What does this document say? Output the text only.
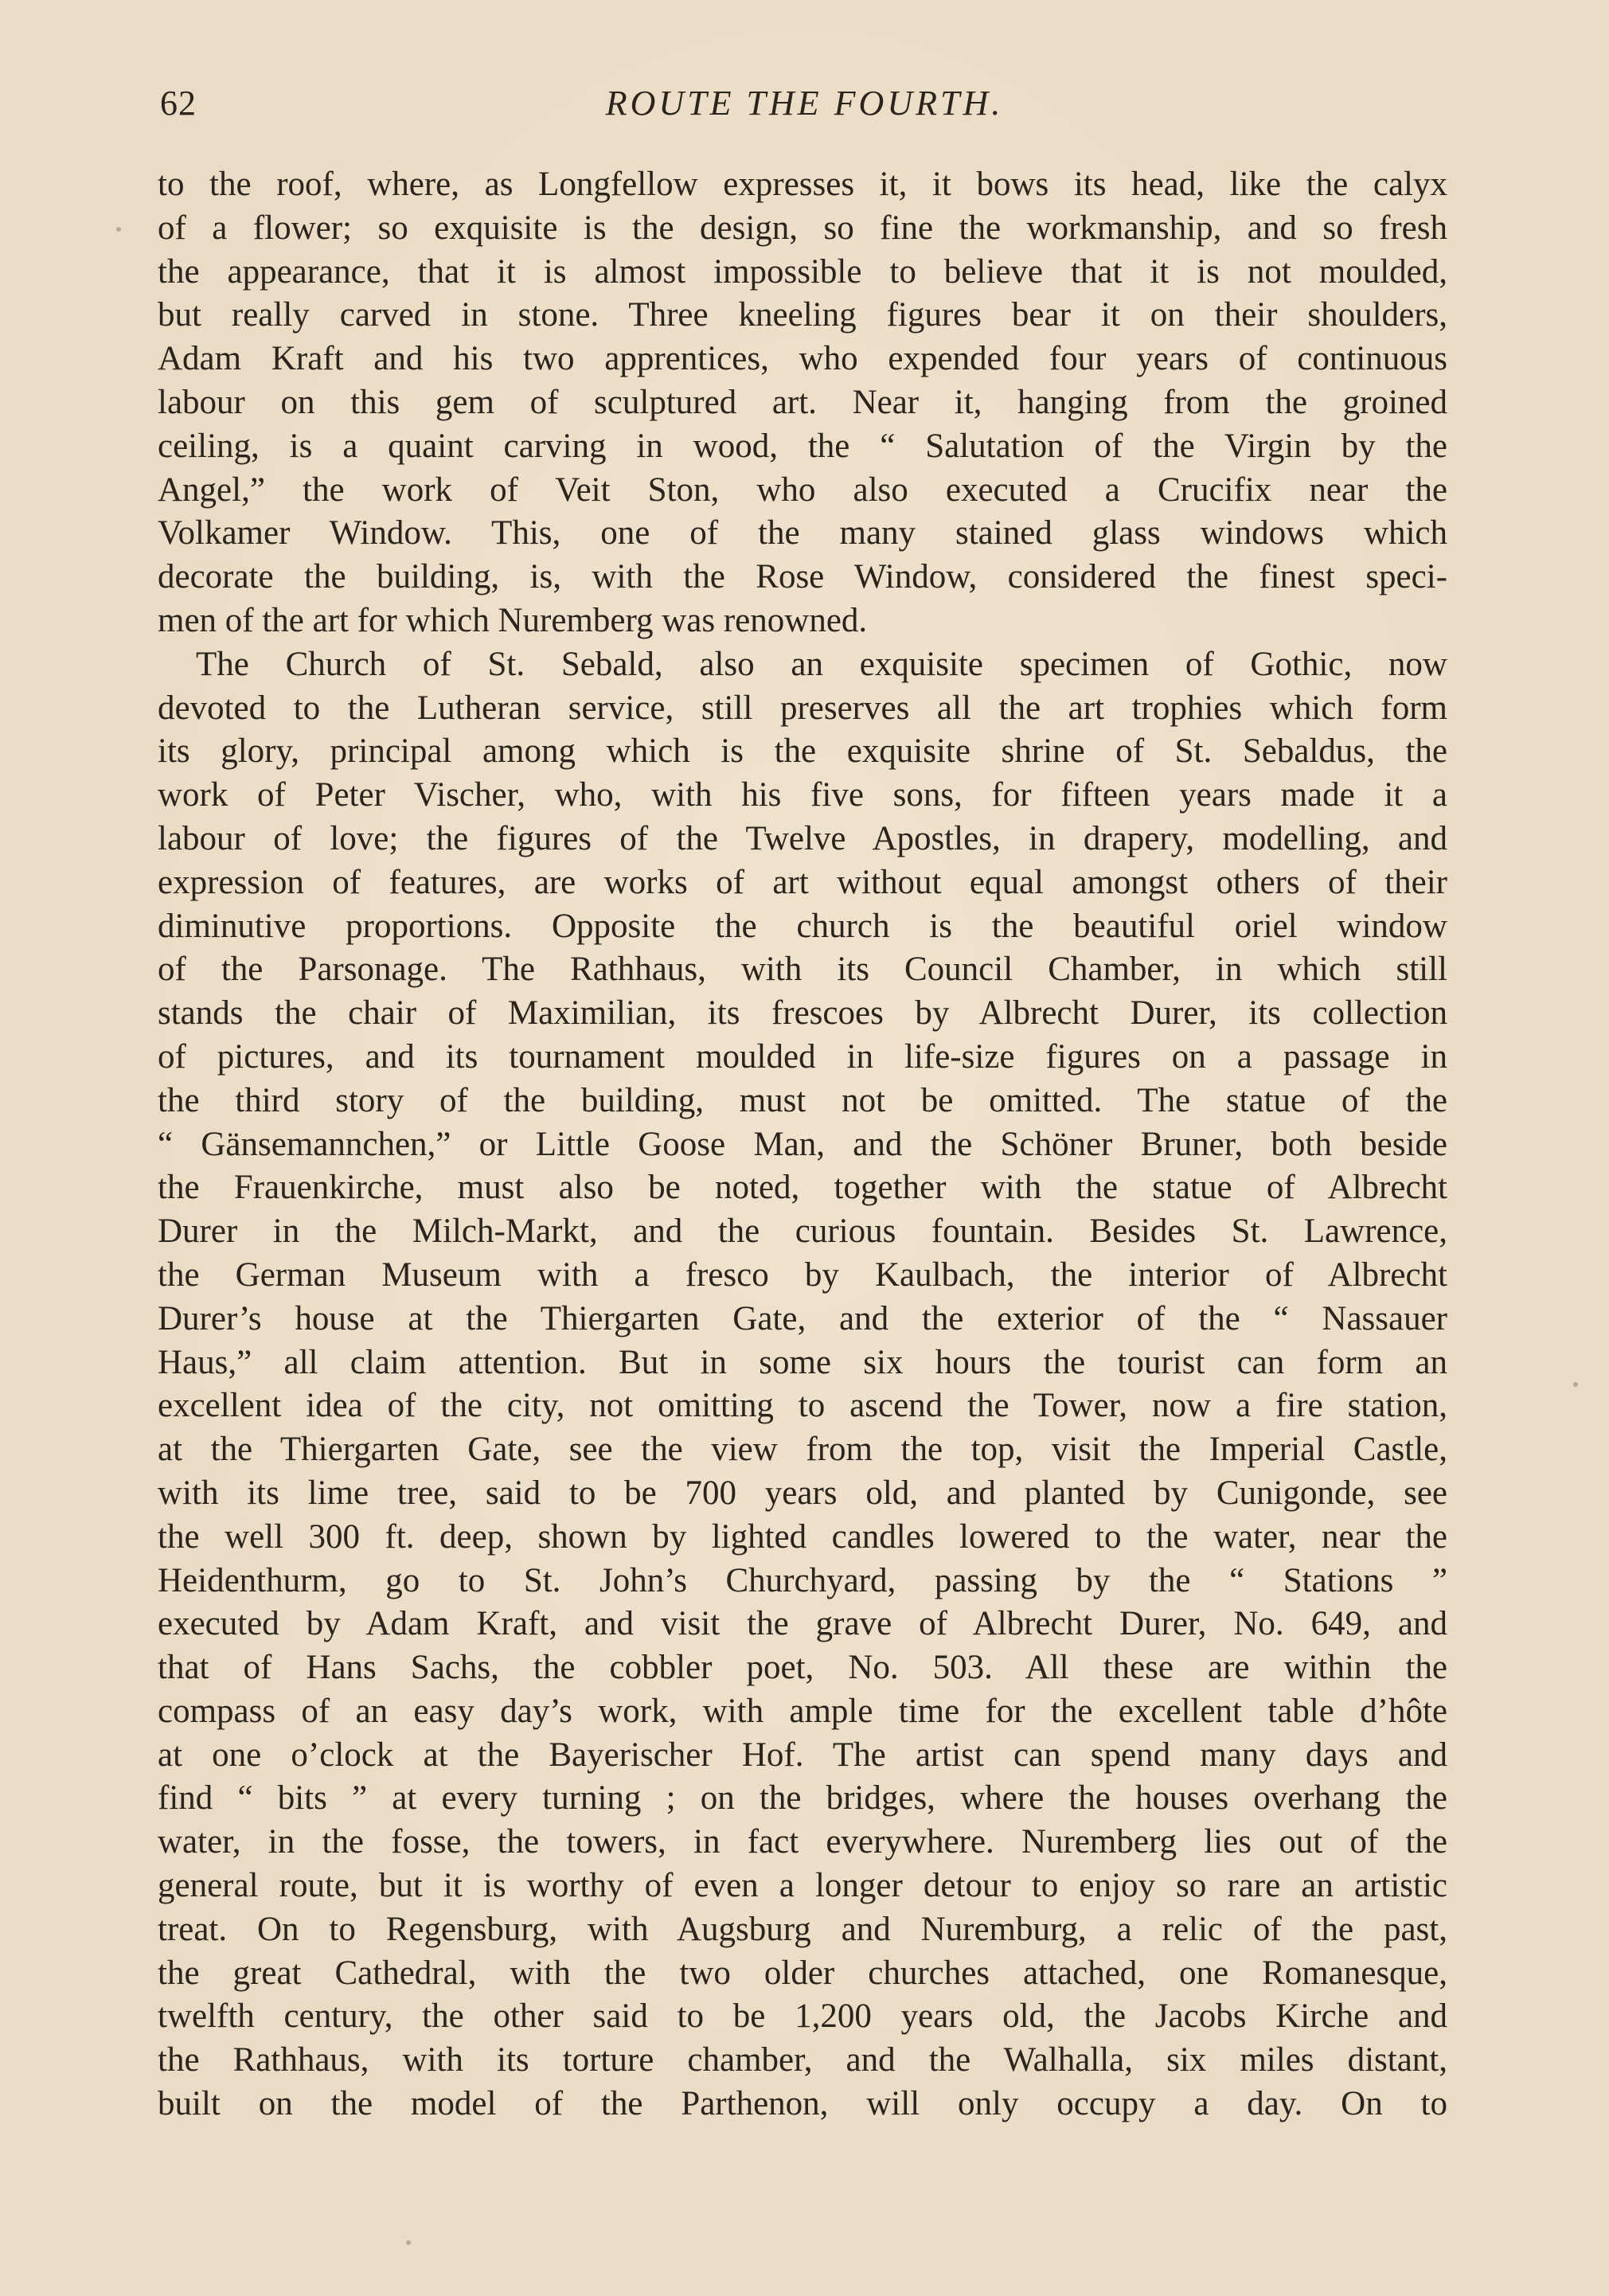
62	ROUTE THE FOURTH.
to the roof, where, as Longfellow expresses it, it bows its head, like the calyx
of a flower; so exquisite is the design, so fine the workmanship, and so fresh
the appearance, that it is almost impossible to believe that it is not moulded,
but really carved in stone. Three kneeling figures bear it on their shoulders,
Adam Kraft and his two apprentices, who expended four years of continuous
labour on this gem of sculptured art. Near it, hanging from the groined
ceiling, is a quaint carving in wood, the “ Salutation of the Virgin by the
Angel,” the work of Veit Ston, who also executed a Crucifix near the
Volkamer Window. This, one of the many stained glass windows which
decorate the building, is, with the Rose Window, considered the finest speci-
men of the art for which Nuremberg was renowned.
The Church of St. Sebald, also an exquisite specimen of Gothic, now
devoted to the Lutheran service, still preserves all the art trophies which form
its glory, principal among which is the exquisite shrine of St. Sebaldus, the
work of Peter Vischer, who, with his five sons, for fifteen years made it a
labour of love; the figures of the Twelve Apostles, in drapery, modelling, and
expression of features, are works of art without equal amongst others of their
diminutive proportions. Opposite the church is the beautiful oriel window
of the Parsonage. The Rathhaus, with its Council Chamber, in which still
stands the chair of Maximilian, its frescoes by Albrecht Durer, its collection
of pictures, and its tournament moulded in life-size figures on a passage in
the third story of the building, must not be omitted. The statue of the
“ Gänsemannchen,” or Little Goose Man, and the Schöner Bruner, both beside
the Frauenkirche, must also be noted, together with the statue of Albrecht
Durer in the Milch-Markt, and the curious fountain. Besides St. Lawrence,
the German Museum with a fresco by Kaulbach, the interior of Albrecht
Durer’s house at the Thiergarten Gate, and the exterior of the “ Nassauer
Haus,” all claim attention. But in some six hours the tourist can form an
excellent idea of the city, not omitting to ascend the Tower, now a fire station,
at the Thiergarten Gate, see the view from the top, visit the Imperial Castle,
with its lime tree, said to be 700 years old, and planted by Cunigonde, see
the well 300 ft. deep, shown by lighted candles lowered to the water, near the
Heidenthurm, go to St. John’s Churchyard, passing by the “ Stations ”
executed by Adam Kraft, and visit the grave of Albrecht Durer, No. 649, and
that of Hans Sachs, the cobbler poet, No. 503. All these are within the
compass of an easy day’s work, with ample time for the excellent table d’hôte
at one o’clock at the Bayerischer Hof. The artist can spend many days and
find “ bits ” at every turning ; on the bridges, where the houses overhang the
water, in the fosse, the towers, in fact everywhere. Nuremberg lies out of the
general route, but it is worthy of even a longer detour to enjoy so rare an artistic
treat. On to Regensburg, with Augsburg and Nuremburg, a relic of the past,
the great Cathedral, with the two older churches attached, one Romanesque,
twelfth century, the other said to be 1,200 years old, the Jacobs Kirche and
the Rathhaus, with its torture chamber, and the Walhalla, six miles distant,
built on the model of the Parthenon, will only occupy a day. On to
